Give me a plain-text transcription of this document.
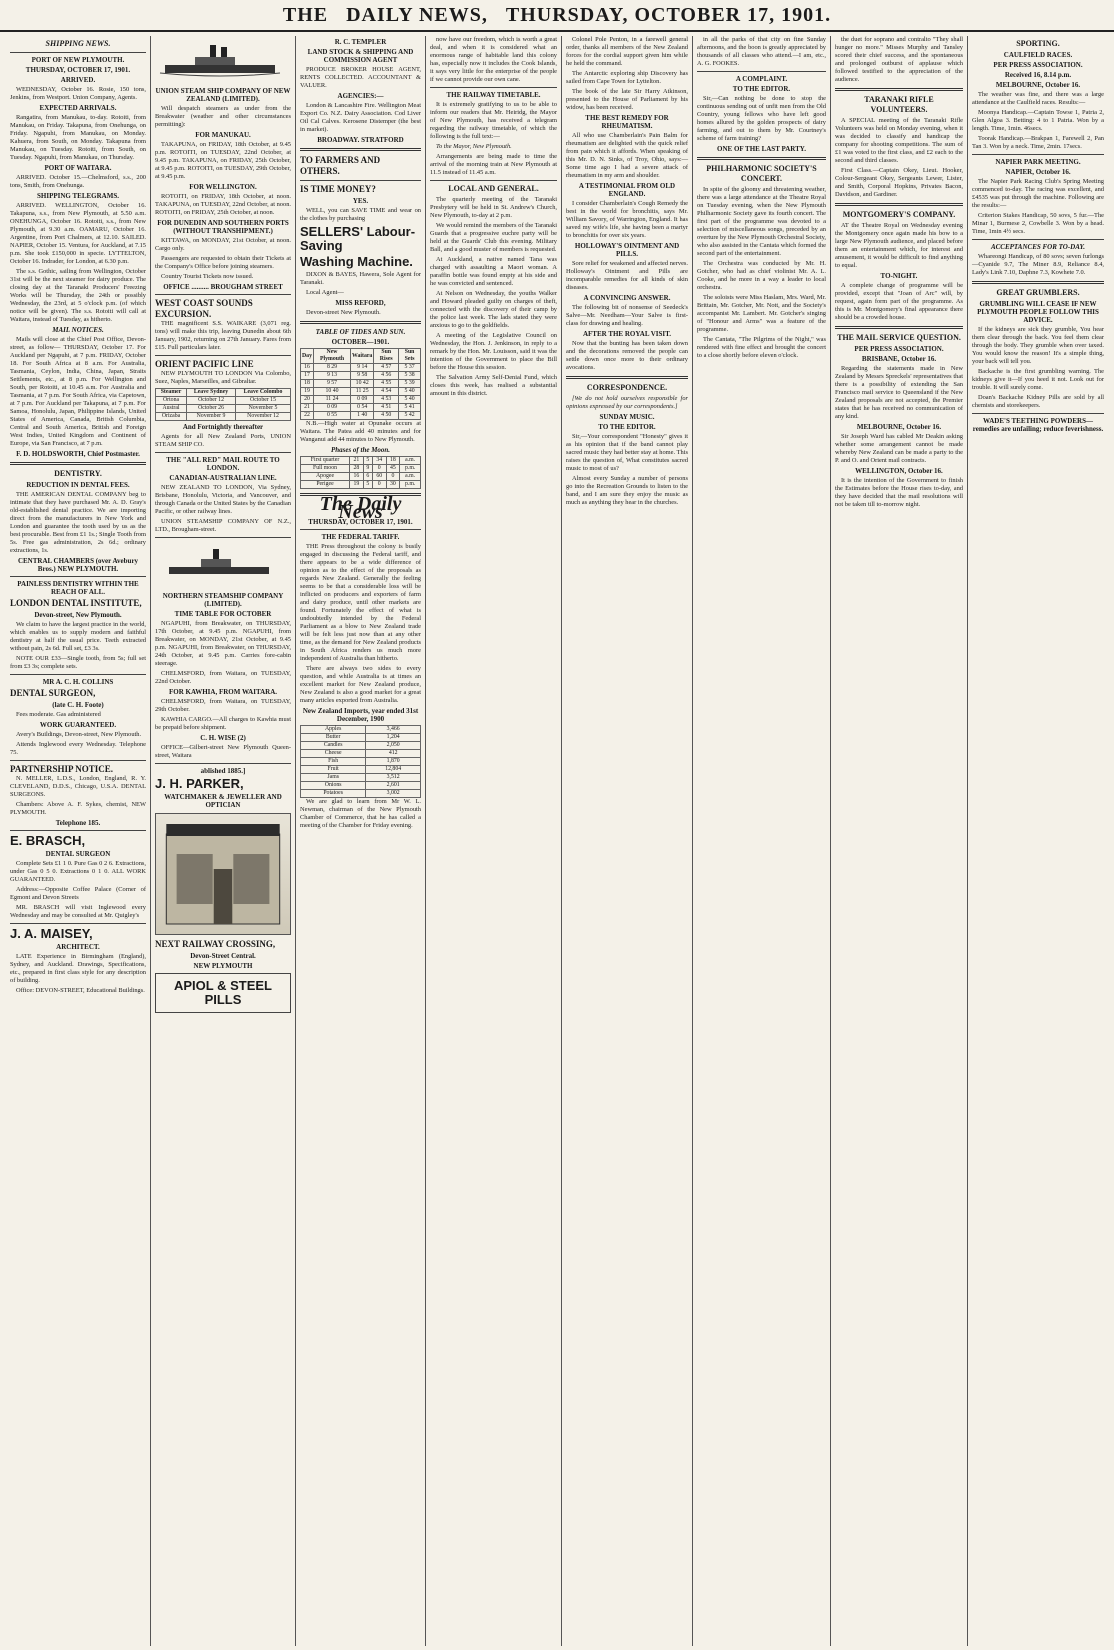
THE DAILY NEWS, THURSDAY, OCTOBER 17, 1901.
SHIPPING NEWS.
PORT OF NEW PLYMOUTH.
THURSDAY, OCTOBER 17, 1901.
ARRIVED.

WEDNESDAY, October 16. Rosie, 150 tons, Jenkins, from Westport. Union Company, Agents.

EXPECTED ARRIVALS.

Rangatira, from Manukau, to-day. Rotoiti, from Manukau, on Friday. Takapuna, from Onehunga, on Friday. Ngapuhi, from Manukau, on Monday. Kahuera, from South, on Monday. Takapuna from Manukau, on Tuesday. Rotoiti, from South, on Tuesday. Ngapuhi, from Manukau, on Thursday.

PORT OF WAITARA.

ARRIVED. October 15.—Chelmsford, s.s., 200 tons, Smith, from Onehunga.

SHIPPING TELEGRAMS.

ARRIVED. WELLINGTON, October 16. Takapuna, s.s., from New Plymouth, at 5.50 a.m. ONEHUNGA, October 16. Rotoiti, s.s., from New Plymouth, at 9.30 a.m. OAMARU, October 16. Argentine, from Port Chalmers, at 12.10. SAILED. NAPIER, October 15. Ventura, for Auckland, at 7.15 p.m. She took £150,000 in specie. LYTTELTON, October 16. Indrader, for London, at 6.30 p.m.

The s.s. Gothic, sailing from Wellington, October 31st will be the next steamer for dairy produce. The closing day at the Taranaki Producers' Freezing Works will be Thursday, the 24th or possibly Wednesday, the 23rd, at 5 o'clock p.m. (of which notice will be given). The s.s. Rotoiti will call at Waitara, instead of Tuesday, as hitherto.

MAIL NOTICES.

Mails will close at the Chief Post Office, Devon-street, as follow— THURSDAY, October 17. For Auckland per Ngapuhi, at 7 p.m. FRIDAY, October 18. For South Africa at 8 a.m. For Australia, Tasmania, Ceylon, India, China, Japan, Straits Settlements, etc., at 8 p.m. For Wellington and South, per Rotoiti, at 10.45 a.m. For Australia and Tasmania, at 7 p.m. For South Africa, via Capetown, at 7 p.m. For Auckland per Takapuna, at 7 p.m. For Samoa, Honolulu, Japan, Philippine Islands, United States of America, Canada, British Columbia, Central and South America, British and Foreign West Indies, United Kingdom and Continent of Europe, via San Francisco, at 7 p.m.

F. D. HOLDSWORTH, Chief Postmaster.
DENTISTRY.
REDUCTION IN DENTAL FEES.

THE AMERICAN DENTAL COMPANY beg to intimate that they have purchased Mr. A. D. Gray's old-established dental practice. We are importing direct from the manufacturers in New York and London and guarantee the tooth used by us as the best procurable. Best from £1 1s.; Single Tooth from 5s. Free gas administration, 2s 6d.; ordinary extractions, 1s.

CENTRAL CHAMBERS (over Avebury Bros.) NEW PLYMOUTH.
PAINLESS DENTISTRY WITHIN THE REACH OF ALL.
LONDON DENTAL INSTITUTE,
Devon-street, New Plymouth.

We claim to have the largest practice in the world, which enables us to supply modern and faithful dentistry at half the usual price. Teeth extracted without pain, 2s 6d. Full set, £3 3s.

NOTE OUR £33—Single tooth, from 5s; full set from £3 3s; complete sets.

MR A. C. H. COLLINS
DENTAL SURGEON,
(late C. H. Foote)

Fees moderate. Gas administered

WORK GUARANTEED.

Avery's Buildings, Devon-street, New Plymouth.

Attends Inglewood every Wednesday. Telephone 75.

PARTNERSHIP NOTICE.

N. MELLER, L.D.S., London, England, R. Y. CLEVELAND, D.D.S., Chicago, U.S.A. DENTAL SURGEONS.

Chambers: Above A. F. Sykes, chemist, NEW PLYMOUTH.

Telephone 185.
E. BRASCH,
DENTAL SURGEON

Complete Sets £1 1 0. Pure Gas 0 2 6. Extractions, under Gas 0 5 0. Extractions 0 1 0. ALL WORK GUARANTEED.

Address:—Opposite Coffee Palace (Corner of Egmont and Devon Streets

MR. BRASCH will visit Inglewood every Wednesday and may be consulted at Mr. Quigley's

J. A. MAISEY,
ARCHITECT.

LATE Experience in Birmingham (England), Sydney, and Auckland. Drawings, Specifications, etc., prepared in first class style for any description of building.

Office: DEVON-STREET, Educational Buildings.

UNION STEAM SHIP COMPANY OF NEW ZEALAND (LIMITED).

Will despatch steamers as under from the Breakwater (weather and other circumstances permitting):

FOR MANUKAU.

TAKAPUNA, on FRIDAY, 18th October, at 9.45 p.m. ROTOITI, on TUESDAY, 22nd October, at 9.45 p.m. TAKAPUNA, on FRIDAY, 25th October, at 9.45 p.m. ROTOITI, on TUESDAY, 29th October, at 9.45 p.m.

FOR WELLINGTON.

ROTOITI, on FRIDAY, 18th October, at noon. TAKAPUNA, on TUESDAY, 22nd October, at noon. ROTOITI, on FRIDAY, 25th October, at noon.

FOR DUNEDIN AND SOUTHERN PORTS (WITHOUT TRANSHIPMENT.)

KITTAWA, on MONDAY, 21st October, at noon. Cargo only.

Passengers are requested to obtain their Tickets at the Company's Office before joining steamers.

Country Tourist Tickets now issued.

OFFICE .......... BROUGHAM STREET
WEST COAST SOUNDS EXCURSION.

THE magnificent S.S. WAIKARE (3,071 reg. tons) will make this trip, leaving Dunedin about 6th January, 1902, returning on 27th January. Fares from £15. Full particulars later.

ORIENT PACIFIC LINE

NEW PLYMOUTH TO LONDON Via Colombo, Suez, Naples, Marseilles, and Gibraltar.

Steamer	Leave Sydney	Leave Colombo
Ortona	October 12	October 15
Austral	October 26	November 5
Orizaba	November 9	November 12
And Fortnightly thereafter

Agents for all New Zealand Ports, UNION STEAM SHIP CO.

THE "ALL RED" MAIL ROUTE TO LONDON.
CANADIAN-AUSTRALIAN LINE.

NEW ZEALAND TO LONDON, Via Sydney, Brisbane, Honolulu, Victoria, and Vancouver, and through Canada or the United States by the Canadian Pacific, or other railway lines.

UNION STEAMSHIP COMPANY OF N.Z., LTD., Brougham-street.

NORTHERN STEAMSHIP COMPANY (LIMITED).
TIME TABLE FOR OCTOBER

NGAPUHI, from Breakwater, on THURSDAY, 17th October, at 9.45 p.m. NGAPUHI, from Breakwater, on MONDAY, 21st October, at 9.45 p.m. NGAPUHI, from Breakwater, on THURSDAY, 24th October, at 9.45 p.m. Carries fore-cabin steerage.

CHELMSFORD, from Waitara, on TUESDAY, 22nd October.

FOR KAWHIA, FROM WAITARA.

CHELMSFORD, from Waitara, on TUESDAY, 29th October.

KAWHIA CARGO.—All charges to Kawhia must be prepaid before shipment.

C. H. WISE (2)

OFFICE—Gilbert-street New Plymouth Queen-street, Waitara

ablished 1885.]
J. H. PARKER,
WATCHMAKER & JEWELLER AND OPTICIAN
NEXT RAILWAY CROSSING,
Devon-Street Central.
NEW PLYMOUTH
APIOL & STEEL PILLS
R. C. TEMPLER
LAND STOCK & SHIPPING AND COMMISSION AGENT

PRODUCE BROKER HOUSE AGENT, RENTS COLLECTED. ACCOUNTANT & VALUER.

AGENCIES:—

London & Lancashire Fire. Wellington Meat Export Co. N.Z. Dairy Association. Cod Liver Oil Cal Calves. Kerosene Distemper (the best in market).

BROADWAY. STRATFORD
TO FARMERS AND OTHERS.
IS TIME MONEY?
YES.

WELL, you can SAVE TIME and wear on the clothes by purchasing

SELLERS' Labour-Saving
Washing Machine.

DIXON & BAYES, Hawera, Sole Agent for Taranaki.

Local Agent—

MISS REFORD,

Devon-street New Plymouth.

TABLE OF TIDES AND SUN.
OCTOBER—1901.
Day	New Plymouth	Waitara	Sun Rises	Sun Sets
16	8 29	9 14	4 57	5 37
17	9 13	9 58	4 56	5 38
18	9 57	10 42	4 55	5 39
19	10 40	11 25	4 54	5 40
20	11 24	0 09	4 53	5 40
21	0 09	0 54	4 51	5 41
22	0 55	1 40	4 50	5 42

N.B.—High water at Opunake occurs at Waitara. The Patea add 40 minutes and for Wanganui add 44 minutes to New Plymouth.

Phases of the Moon.
First quarter	21	5	34	18	a.m.
Full moon	28	9	0	45	p.m.
Apogee	16	6	60	0	a.m.
Perigee	19	5	0	30	p.m.
The Daily News
THURSDAY, OCTOBER 17, 1901.
THE FEDERAL TARIFF.

THE Press throughout the colony is busily engaged in discussing the Federal tariff, and there appears to be a wide difference of opinion as to the effect of the proposals as regards New Zealand. Generally the feeling seems to be that a considerable loss will be inflicted on producers and exporters of farm and dairy produce, until other markets are found. Fortunately the effect of what is undoubtedly intended by the Federal Parliament as a blow to New Zealand trade will be felt less just now than at any other time, as the demand for New Zealand products in South Africa renders us much more independent of Australia than hitherto.

There are always two sides to every question, and while Australia is at times an excellent market for New Zealand produce, New Zealand is also a good market for a great many articles exported from Australia.

New Zealand Imports, year ended 31st December, 1900
Apples	3,466
Butter	1,204
Candles	2,050
Cheese	412
Fish	1,870
Fruit	12,804
Jams	3,512
Onions	2,601
Potatoes	3,002

We are glad to learn from Mr W. L. Newman, chairman of the New Plymouth Chamber of Commerce, that he has called a meeting of the Chamber for Friday evening.

now have our freedom, which is worth a great deal, and when it is considered what an enormous range of habitable land this colony has, especially now it includes the Cook Islands, it says very little for the enterprise of the people if we cannot provide our own cane.

THE RAILWAY TIMETABLE.

It is extremely gratifying to us to be able to inform our readers that Mr. Heiridg, the Mayor of New Plymouth, has received a telegram regarding the railway timetable, of which the following is the full text:—

To the Mayor, New Plymouth.

Arrangements are being made to time the arrival of the morning train at New Plymouth at 11.5 instead of 11.45 a.m.

LOCAL AND GENERAL.

The quarterly meeting of the Taranaki Presbytery will be held in St. Andrew's Church, New Plymouth, to-day at 2 p.m.

We would remind the members of the Taranaki Guards that a progressive euchre party will be held at the Guards' Club this evening. Military Ball, and a good muster of members is requested.

At Auckland, a native named Tana was charged with assaulting a Maori woman. A paraffin bottle was found empty at his side and he was convicted and sentenced.

At Nelson on Wednesday, the youths Walker and Howard pleaded guilty on charges of theft, connected with the discovery of their camp by the police last week. The lads stated they were anxious to go to the goldfields.

A meeting of the Legislative Council on Wednesday, the Hon. J. Jenkinson, in reply to a remark by the Hon. Mr. Louisson, said it was the intention of the Government to place the Bill before the House this session.

The Salvation Army Self-Denial Fund, which closes this week, has realised a substantial amount in this district.

Colonel Pole Penton, in a farewell general order, thanks all members of the New Zealand forces for the cordial support given him while he held the command.

The Antarctic exploring ship Discovery has sailed from Cape Town for Lyttelton.

The book of the late Sir Harry Atkinson, presented to the House of Parliament by his widow, has been received.

THE BEST REMEDY FOR RHEUMATISM.

All who use Chamberlain's Pain Balm for rheumatism are delighted with the quick relief from pain which it affords. When speaking of this Mr. D. N. Sinks, of Troy, Ohio, says:—Some time ago I had a severe attack of rheumatism in my arm and shoulder.

A TESTIMONIAL FROM OLD ENGLAND.

I consider Chamberlain's Cough Remedy the best in the world for bronchitis, says Mr. William Savory, of Warrington, England. It has saved my wife's life, she having been a martyr to bronchitis for over six years.

HOLLOWAY'S OINTMENT AND PILLS.

Sore relief for weakened and affected nerves. Holloway's Ointment and Pills are incomparable remedies for all kinds of skin diseases.

A CONVINCING ANSWER.

The following bit of nonsense of Seedeck's Salve—Mr. Needham—Your Salve is first-class for drawing and healing.

AFTER THE ROYAL VISIT.

Now that the bunting has been taken down and the decorations removed the people can settle down once more to their ordinary avocations.

CORRESPONDENCE.

[We do not hold ourselves responsible for opinions expressed by our correspondents.]

SUNDAY MUSIC.
TO THE EDITOR.

Sir,—Your correspondent "Honesty" gives it as his opinion that if the band cannot play sacred music they had better stay at home. This raises the question of, What constitutes sacred music to most of us?

Almost every Sunday a number of persons go into the Recreation Grounds to listen to the band, and I am sure they enjoy the music as much as anything they hear in the churches.

in all the parks of that city on fine Sunday afternoons, and the boon is greatly appreciated by thousands of all classes who attend.—I am, etc., A. G. FOOKES.

A COMPLAINT.
TO THE EDITOR.

Sir,—Can nothing be done to stop the continuous sending out of unfit men from the Old Country, young fellows who have left good homes allured by the golden prospects of dairy farming, and out to them by Mr. Courtney's scheme of farm training?

ONE OF THE LAST PARTY.
PHILHARMONIC SOCIETY'S CONCERT.

In spite of the gloomy and threatening weather, there was a large attendance at the Theatre Royal on Tuesday evening, when the New Plymouth Philharmonic Society gave its fourth concert. The first part of the programme was devoted to a selection of miscellaneous songs, preceded by an overture by the New Plymouth Orchestral Society, who also assisted in the Cantata which formed the second part of the entertainment.

The Orchestra was conducted by Mr. H. Gotcher, who had as chief violinist Mr. A. L. Cooke, and he more in a way a leader to local orchestra.

The soloists were Miss Haslam, Mrs. Ward, Mr. Brittain, Mr. Gotcher, Mr. Nott, and the Society's accompanist Mr. Lambert. Mr. Gotcher's singing of "Honour and Arms" was a feature of the programme.

The Cantata, "The Pilgrims of the Night," was rendered with fine effect and brought the concert to a close shortly before eleven o'clock.

the duet for soprano and contralto "They shall hunger no more." Misses Murphy and Tansley scored their chief success, and the spontaneous and prolonged outburst of applause which followed testified to the appreciation of the audience.

TARANAKI RIFLE VOLUNTEERS.

A SPECIAL meeting of the Taranaki Rifle Volunteers was held on Monday evening, when it was decided to classify and handicap the company for shooting competitions. The sum of £1 was voted to the first class, and £2 each to the second and third classes.

First Class.—Captain Okey, Lieut. Hooker, Colour-Sergeant Okey, Sergeants Lewer, Lister, and Smith, Corporal Hopkins, Privates Bacon, Davidson, and Gardiner.

MONTGOMERY'S COMPANY.

AT the Theatre Royal on Wednesday evening the Montgomery once again made his bow to a large New Plymouth audience, and placed before them an entertainment which, for interest and amusement, it would be difficult to find anything to equal.

TO-NIGHT.

A complete change of programme will be provided, except that "Joan of Arc" will, by request, again form part of the programme. As this is Mr. Montgomery's final appearance there should be a crowded house.

THE MAIL SERVICE QUESTION.
PER PRESS ASSOCIATION.
BRISBANE, October 16.

Regarding the statements made in New Zealand by Messrs Spreckels' representatives that there is a possibility of extending the San Francisco mail service to Queensland if the New Zealand proposals are not accepted, the Premier states that he has received no communication of any kind.

MELBOURNE, October 16.

Sir Joseph Ward has cabled Mr Deakin asking whether some arrangement cannot be made whereby New Zealand can be made a party to the P. and O. and Orient mail contracts.

WELLINGTON, October 16.

It is the intention of the Government to finish the Estimates before the House rises to-day, and they have decided that the mail resolutions will not be taken till to-morrow night.

SPORTING.
CAULFIELD RACES.
PER PRESS ASSOCIATION.
Received 16, 8.14 p.m.
MELBOURNE, October 16.

The weather was fine, and there was a large attendance at the Caulfield races. Results:—

Moonya Handicap.—Captain Towse 1, Patria 2, Glen Algoa 3. Betting: 4 to 1 Patria. Won by a length. Time, 1min. 46secs.

Toorak Handicap.—Brakpan 1, Farewell 2, Pan Tan 3. Won by a neck. Time, 2min. 17secs.

NAPIER PARK MEETING.
NAPIER, October 16.

The Napier Park Racing Club's Spring Meeting commenced to-day. The racing was excellent, and £4535 was put through the machine. Following are the results:—

Criterion Stakes Handicap, 50 sovs, 5 fur.—The Minar 1, Burmese 2, Cowbelle 3. Won by a head. Time, 1min 4½ secs.

ACCEPTANCES FOR TO-DAY.

Whareongi Handicap, of 80 sovs; seven furlongs—Cyanide 9.7, The Miner 8.9, Reliance 8.4, Lady's Link 7.10, Daphne 7.3, Kowhete 7.0.

GREAT GRUMBLERS.
GRUMBLING WILL CEASE IF NEW PLYMOUTH PEOPLE FOLLOW THIS ADVICE.

If the kidneys are sick they grumble, You hear them clear through the back. You feel them clear through the body. They grumble when over taxed. You would know the reason! It's a simple thing, your back will tell you.

Backache is the first grumbling warning. The kidneys give it—If you heed it not. Look out for trouble. It will surely come.

Doan's Backache Kidney Pills are sold by all chemists and storekeepers.

WADE'S TEETHING POWDERS—remedies are unfailing; reduce feverishness.
